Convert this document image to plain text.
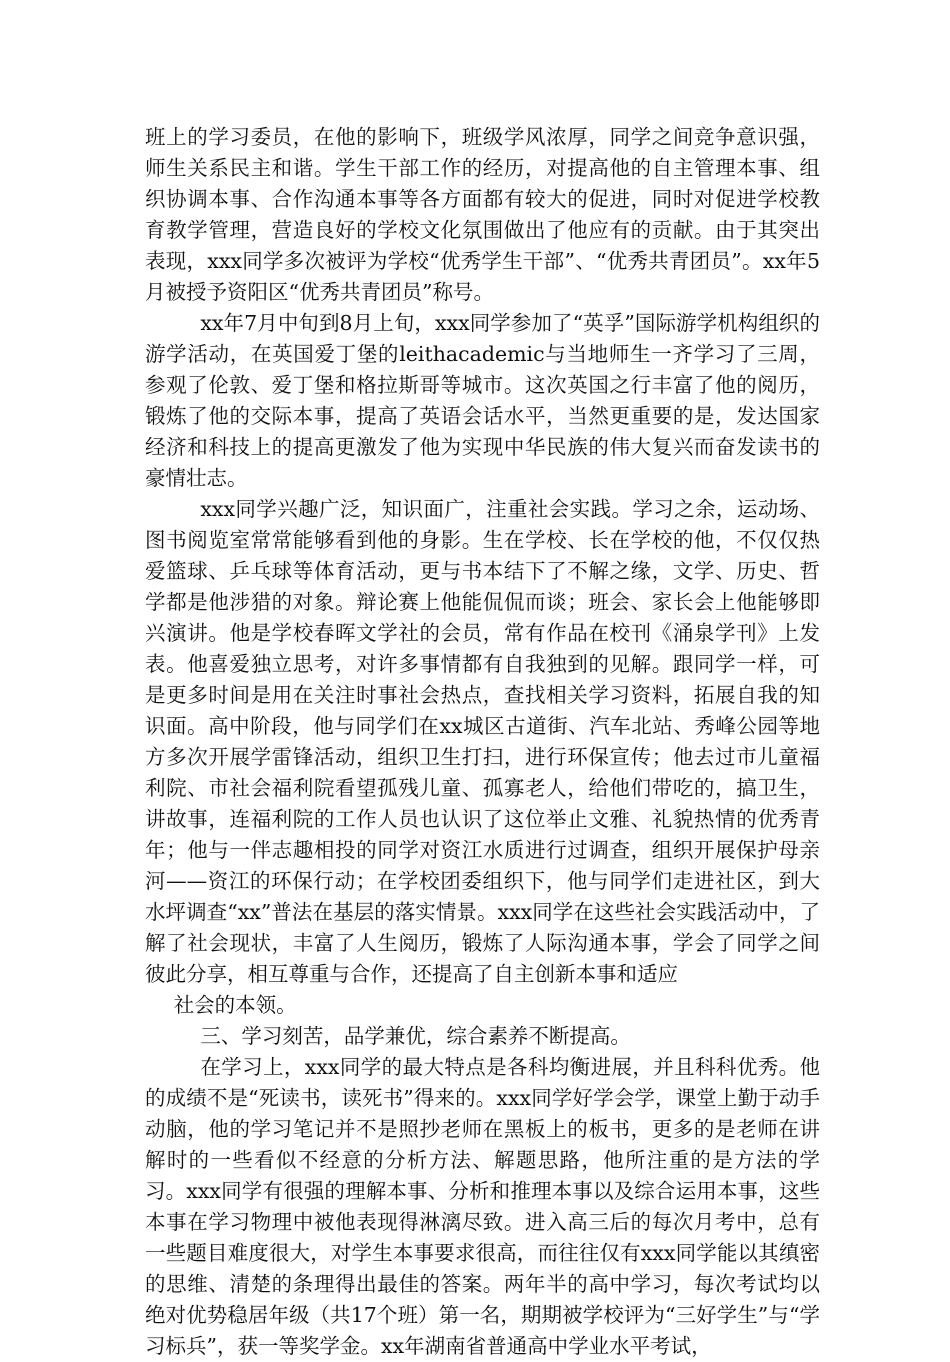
班上的学习委员，在他的影响下，班级学风浓厚，同学之间竞争意识强，师生关系民主和谐。学生干部工作的经历，对提高他的自主管理本事、组织协调本事、合作沟通本事等各方面都有较大的促进，同时对促进学校教育教学管理，营造良好的学校文化氛围做出了他应有的贡献。由于其突出表现，xxx同学多次被评为学校“优秀学生干部”、“优秀共青团员”。xx年5月被授予资阳区“优秀共青团员”称号。

xx年7月中旬到8月上旬，xxx同学参加了“英孚”国际游学机构组织的游学活动，在英国爱丁堡的leithacademic与当地师生一齐学习了三周，参观了伦敦、爱丁堡和格拉斯哥等城市。这次英国之行丰富了他的阅历，锻炼了他的交际本事，提高了英语会话水平，当然更重要的是，发达国家经济和科技上的提高更激发了他为实现中华民族的伟大复兴而奋发读书的豪情壮志。

xxx同学兴趣广泛，知识面广，注重社会实践。学习之余，运动场、图书阅览室常常能够看到他的身影。生在学校、长在学校的他，不仅仅热爱篮球、乒乓球等体育活动，更与书本结下了不解之缘，文学、历史、哲学都是他涉猎的对象。辩论赛上他能侃侃而谈；班会、家长会上他能够即兴演讲。他是学校春晖文学社的会员，常有作品在校刊《涌泉学刊》上发表。他喜爱独立思考，对许多事情都有自我独到的见解。跟同学一样，可是更多时间是用在关注时事社会热点，查找相关学习资料，拓展自我的知识面。高中阶段，他与同学们在xx城区古道街、汽车北站、秀峰公园等地方多次开展学雷锋活动，组织卫生打扫，进行环保宣传；他去过市儿童福利院、市社会福利院看望孤残儿童、孤寡老人，给他们带吃的，搞卫生，讲故事，连福利院的工作人员也认识了这位举止文雅、礼貌热情的优秀青年；他与一伴志趣相投的同学对资江水质进行过调查，组织开展保护母亲河——资江的环保行动；在学校团委组织下，他与同学们走进社区，到大水坪调查“xx”普法在基层的落实情景。xxx同学在这些社会实践活动中，了解了社会现状，丰富了人生阅历，锻炼了人际沟通本事，学会了同学之间彼此分享，相互尊重与合作，还提高了自主创新本事和适应

社会的本领。

三、学习刻苦，品学兼优，综合素养不断提高。

在学习上，xxx同学的最大特点是各科均衡进展，并且科科优秀。他的成绩不是“死读书，读死书”得来的。xxx同学好学会学，课堂上勤于动手动脑，他的学习笔记并不是照抄老师在黑板上的板书，更多的是老师在讲解时的一些看似不经意的分析方法、解题思路，他所注重的是方法的学习。xxx同学有很强的理解本事、分析和推理本事以及综合运用本事，这些本事在学习物理中被他表现得淋漓尽致。进入高三后的每次月考中，总有一些题目难度很大，对学生本事要求很高，而往往仅有xxx同学能以其缜密的思维、清楚的条理得出最佳的答案。两年半的高中学习，每次考试均以绝对优势稳居年级（共17个班）第一名，期期被学校评为“三好学生”与“学习标兵”，获一等奖学金。xx年湖南省普通高中学业水平考试，
